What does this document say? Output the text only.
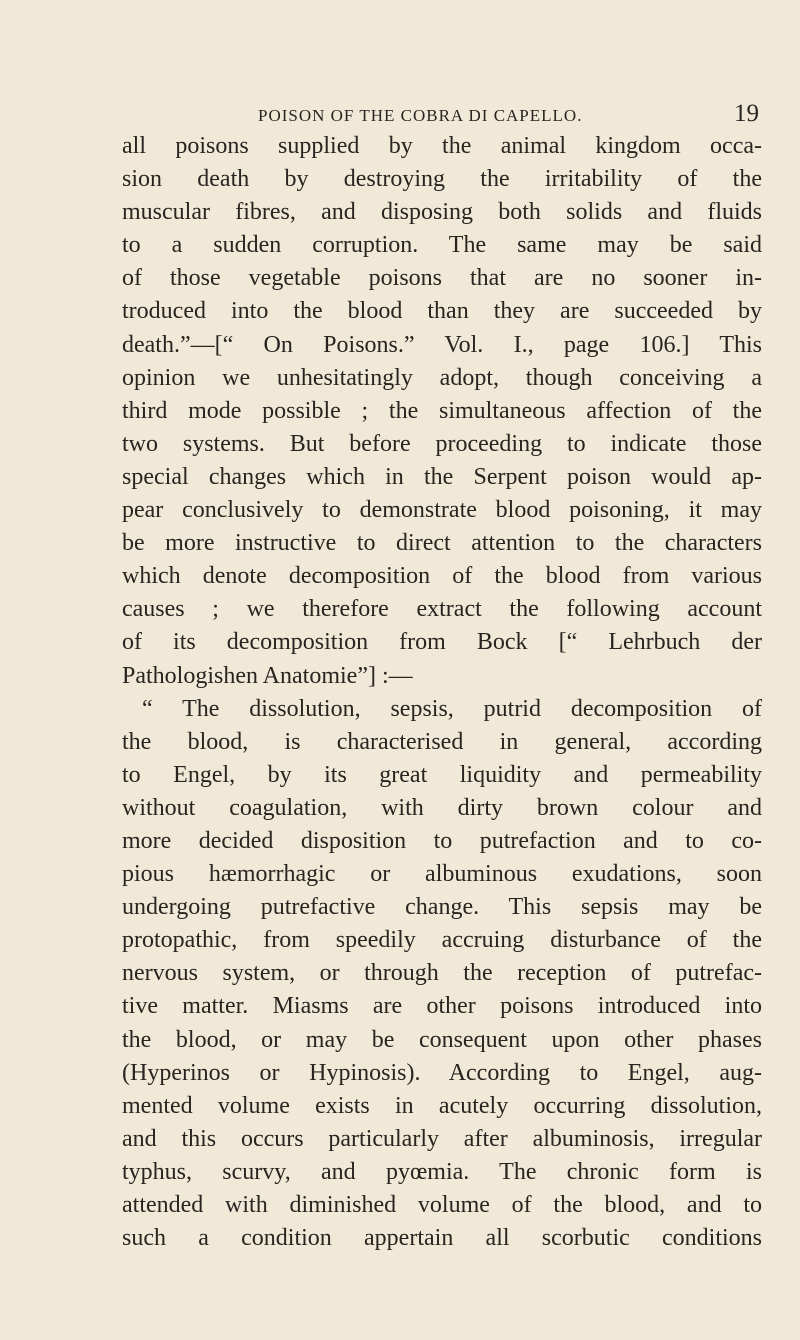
POISON OF THE COBRA DI CAPELLO.	19
all poisons supplied by the animal kingdom occa-
sion death by destroying the irritability of the
muscular fibres, and disposing both solids and fluids
to a sudden corruption. The same may be said
of those vegetable poisons that are no sooner in-
troduced into the blood than they are succeeded by
death.”—[“ On Poisons.” Vol. I., page 106.] This
opinion we unhesitatingly adopt, though conceiving a
third mode possible ; the simultaneous affection of the
two systems. But before proceeding to indicate those
special changes which in the Serpent poison would ap-
pear conclusively to demonstrate blood poisoning, it may
be more instructive to direct attention to the characters
which denote decomposition of the blood from various
causes ; we therefore extract the following account
of its decomposition from Bock [“ Lehrbuch der
Pathologishen Anatomie”] :—
“ The dissolution, sepsis, putrid decomposition of
the blood, is characterised in general, according
to Engel, by its great liquidity and permeability
without coagulation, with dirty brown colour and
more decided disposition to putrefaction and to co-
pious hæmorrhagic or albuminous exudations, soon
undergoing putrefactive change. This sepsis may be
protopathic, from speedily accruing disturbance of the
nervous system, or through the reception of putrefac-
tive matter. Miasms are other poisons introduced into
the blood, or may be consequent upon other phases
(Hyperinos or Hypinosis). According to Engel, aug-
mented volume exists in acutely occurring dissolution,
and this occurs particularly after albuminosis, irregular
typhus, scurvy, and pyœmia. The chronic form is
attended with diminished volume of the blood, and to
such a condition appertain all scorbutic conditions
